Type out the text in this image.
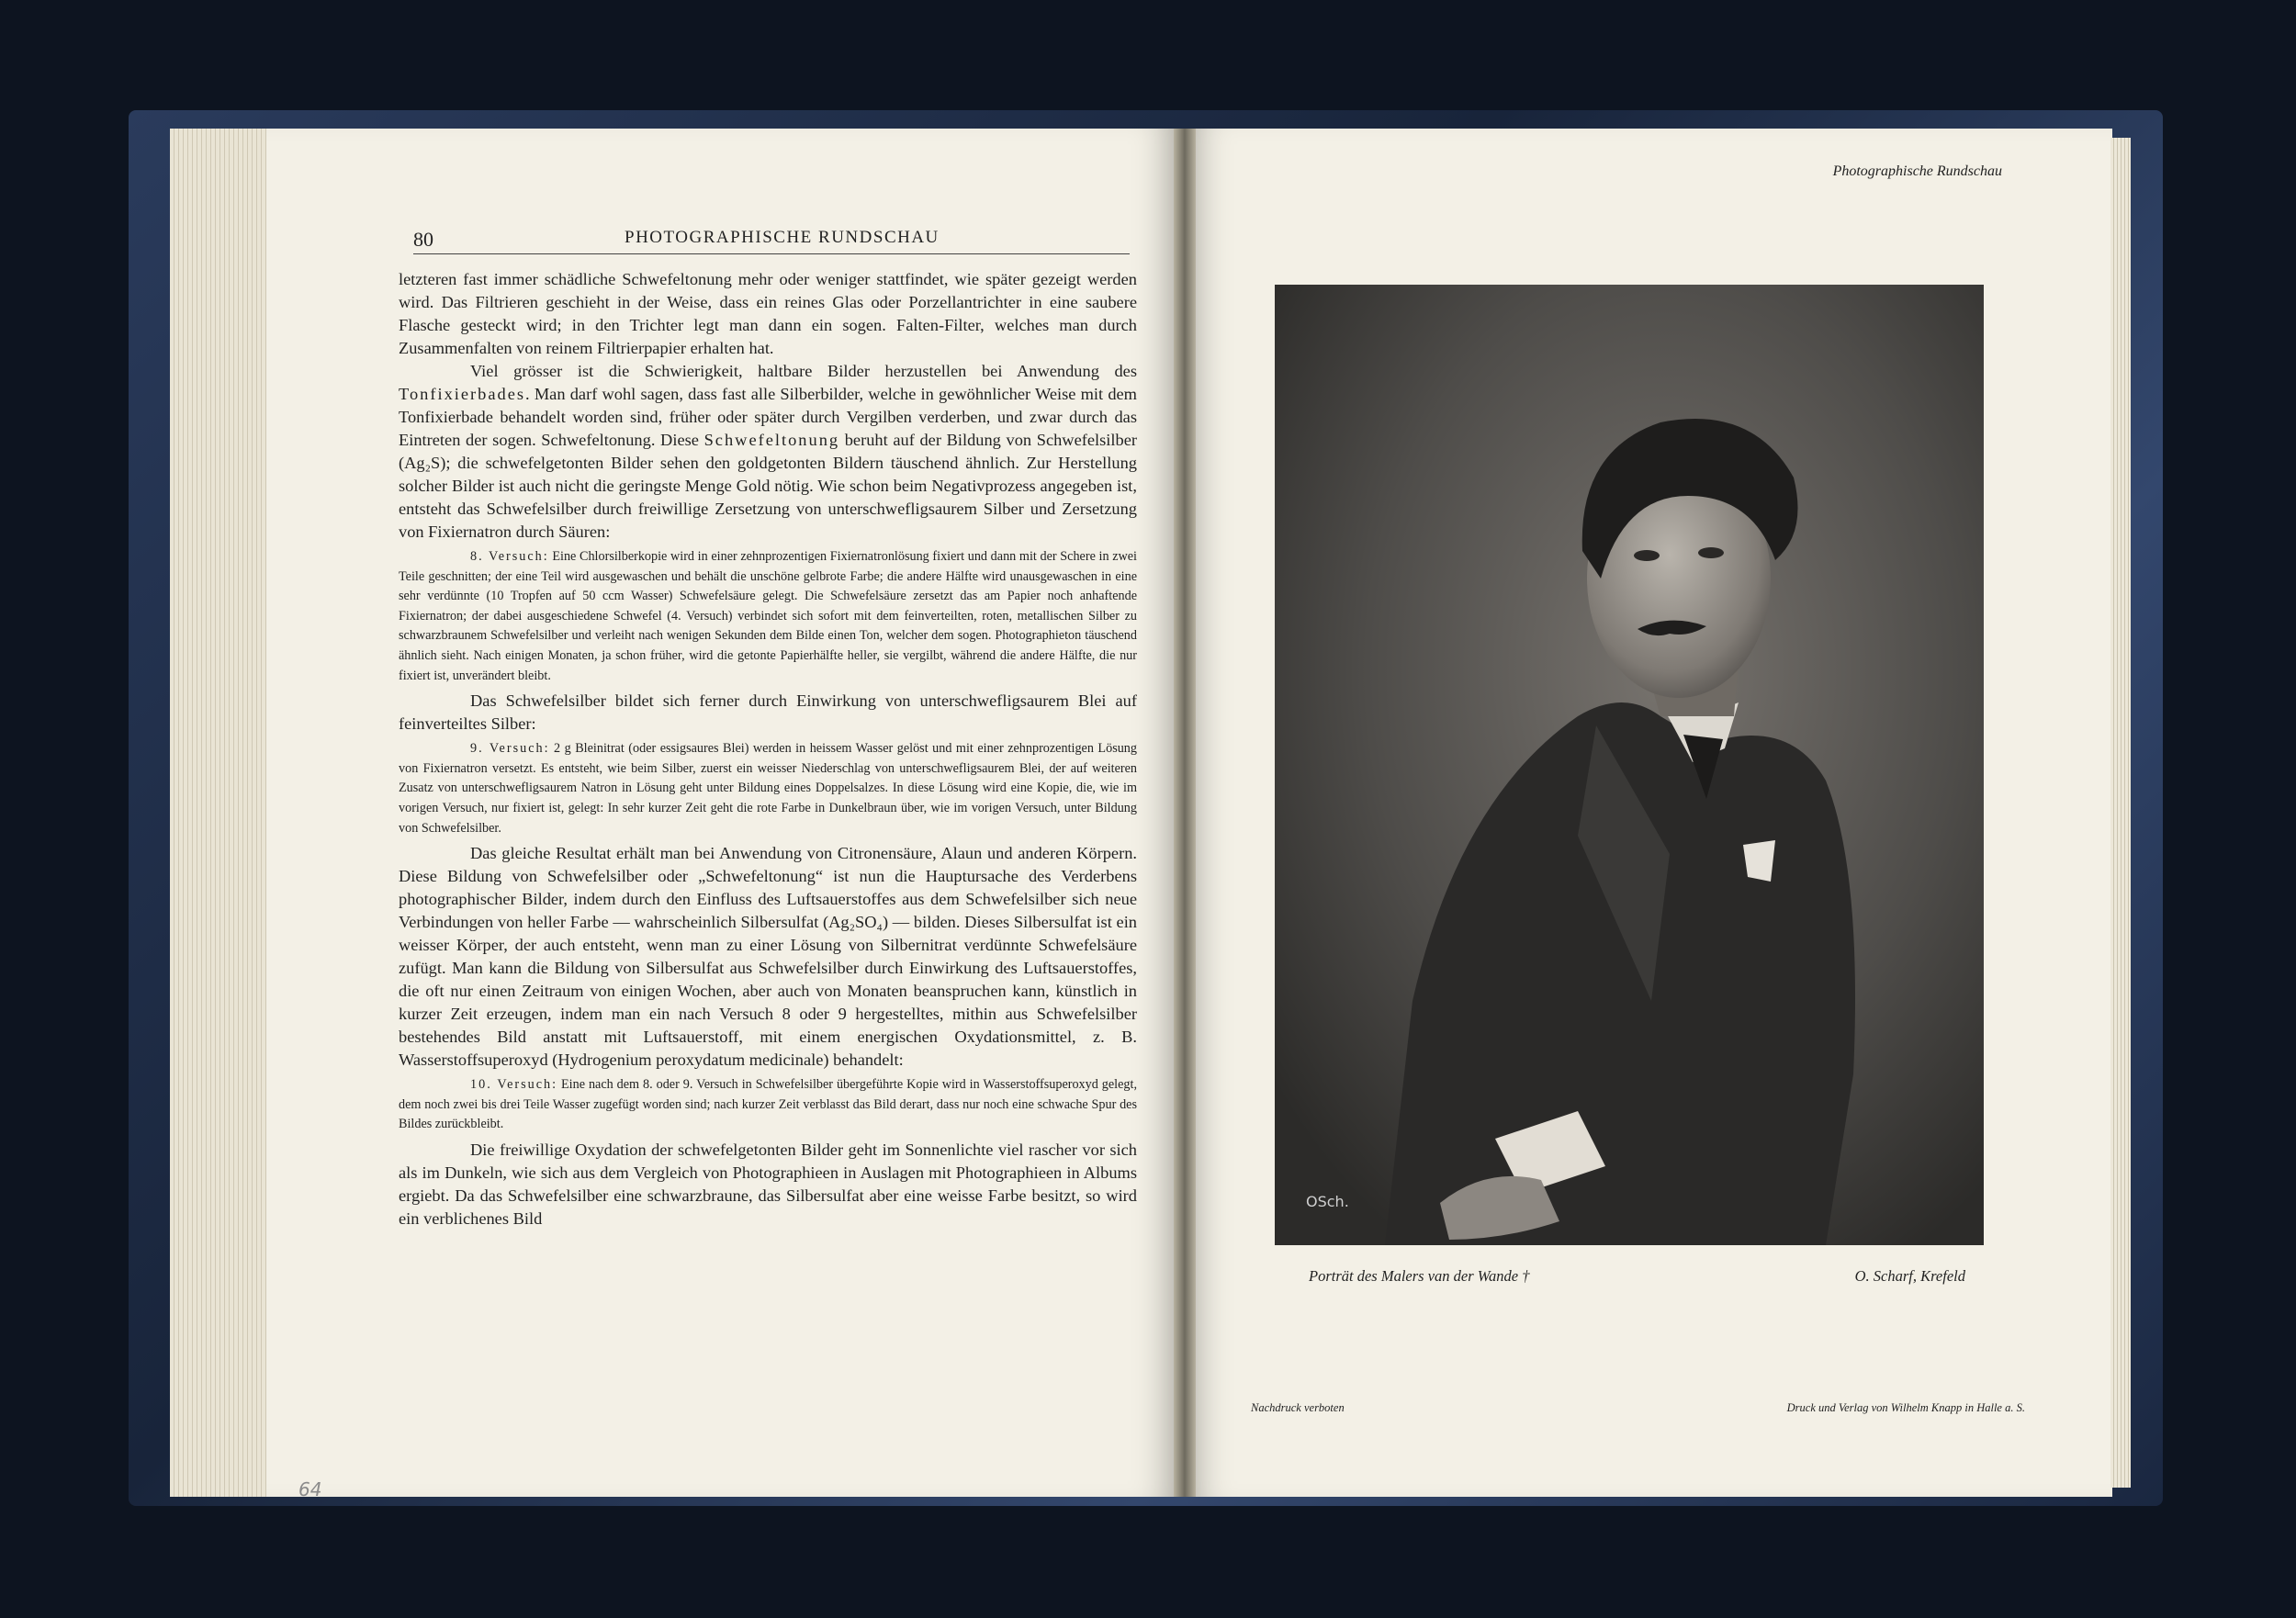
80	PHOTOGRAPHISCHE RUNDSCHAU

letzteren fast immer schädliche Schwefeltonung mehr oder weniger stattfindet, wie später gezeigt werden wird. Das Filtrieren geschieht in der Weise, dass ein reines Glas oder Porzellantrichter in eine saubere Flasche gesteckt wird; in den Trichter legt man dann ein sogen. Falten-Filter, welches man durch Zusammenfalten von reinem Filtrierpapier erhalten hat.

Viel grösser ist die Schwierigkeit, haltbare Bilder herzustellen bei Anwendung des Tonfixierbades. Man darf wohl sagen, dass fast alle Silberbilder, welche in gewöhnlicher Weise mit dem Tonfixierbade behandelt worden sind, früher oder später durch Vergilben verderben, und zwar durch das Eintreten der sogen. Schwefeltonung. Diese Schwefeltonung beruht auf der Bildung von Schwefelsilber (Ag₂S); die schwefelgetonten Bilder sehen den goldgetonten Bildern täuschend ähnlich. Zur Herstellung solcher Bilder ist auch nicht die geringste Menge Gold nötig. Wie schon beim Negativprozess angegeben ist, entsteht das Schwefelsilber durch freiwillige Zersetzung von unterschwefligsaurem Silber und Zersetzung von Fixiernatron durch Säuren:

8. Versuch: Eine Chlorsilberkopie wird in einer zehnprozentigen Fixiernatronlösung fixiert und dann mit der Schere in zwei Teile geschnitten; der eine Teil wird ausgewaschen und behält die unschöne gelbrote Farbe; die andere Hälfte wird unausgewaschen in eine sehr verdünnte (10 Tropfen auf 50 ccm Wasser) Schwefelsäure gelegt. Die Schwefelsäure zersetzt das am Papier noch anhaftende Fixiernatron; der dabei ausgeschiedene Schwefel (4. Versuch) verbindet sich sofort mit dem feinverteilten, roten, metallischen Silber zu schwarzbraunem Schwefelsilber und verleiht nach wenigen Sekunden dem Bilde einen Ton, welcher dem sogen. Photographieton täuschend ähnlich sieht. Nach einigen Monaten, ja schon früher, wird die getonte Papierhälfte heller, sie vergilbt, während die andere Hälfte, die nur fixiert ist, unverändert bleibt.

Das Schwefelsilber bildet sich ferner durch Einwirkung von unterschwefligsaurem Blei auf feinverteiltes Silber:

9. Versuch: 2 g Bleinitrat (oder essigsaures Blei) werden in heissem Wasser gelöst und mit einer zehnprozentigen Lösung von Fixiernatron versetzt. Es entsteht, wie beim Silber, zuerst ein weisser Niederschlag von unterschwefligsaurem Blei, der auf weiteren Zusatz von unterschwefligsaurem Natron in Lösung geht unter Bildung eines Doppelsalzes. In diese Lösung wird eine Kopie, die, wie im vorigen Versuch, nur fixiert ist, gelegt: In sehr kurzer Zeit geht die rote Farbe in Dunkelbraun über, wie im vorigen Versuch, unter Bildung von Schwefelsilber.

Das gleiche Resultat erhält man bei Anwendung von Citronensäure, Alaun und anderen Körpern. Diese Bildung von Schwefelsilber oder „Schwefeltonung“ ist nun die Hauptursache des Verderbens photographischer Bilder, indem durch den Einfluss des Luftsauerstoffes aus dem Schwefelsilber sich neue Verbindungen von heller Farbe — wahrscheinlich Silbersulfat (Ag₂SO₄) — bilden. Dieses Silbersulfat ist ein weisser Körper, der auch entsteht, wenn man zu einer Lösung von Silbernitrat verdünnte Schwefelsäure zufügt. Man kann die Bildung von Silbersulfat aus Schwefelsilber durch Einwirkung des Luftsauerstoffes, die oft nur einen Zeitraum von einigen Wochen, aber auch von Monaten beanspruchen kann, künstlich in kurzer Zeit erzeugen, indem man ein nach Versuch 8 oder 9 hergestelltes, mithin aus Schwefelsilber bestehendes Bild anstatt mit Luftsauerstoff, mit einem energischen Oxydationsmittel, z. B. Wasserstoffsuperoxyd (Hydrogenium peroxydatum medicinale) behandelt:

10. Versuch: Eine nach dem 8. oder 9. Versuch in Schwefelsilber übergeführte Kopie wird in Wasserstoffsuperoxyd gelegt, dem noch zwei bis drei Teile Wasser zugefügt worden sind; nach kurzer Zeit verblasst das Bild derart, dass nur noch eine schwache Spur des Bildes zurückbleibt.

Die freiwillige Oxydation der schwefelgetonten Bilder geht im Sonnenlichte viel rascher vor sich als im Dunkeln, wie sich aus dem Vergleich von Photographieen in Auslagen mit Photographieen in Albums ergiebt. Da das Schwefelsilber eine schwarzbraune, das Silbersulfat aber eine weisse Farbe besitzt, so wird ein verblichenes Bild

64
Photographische Rundschau
OSch.
Porträt des Malers van der Wande †	O. Scharf, Krefeld
Nachdruck verboten	Druck und Verlag von Wilhelm Knapp in Halle a. S.
